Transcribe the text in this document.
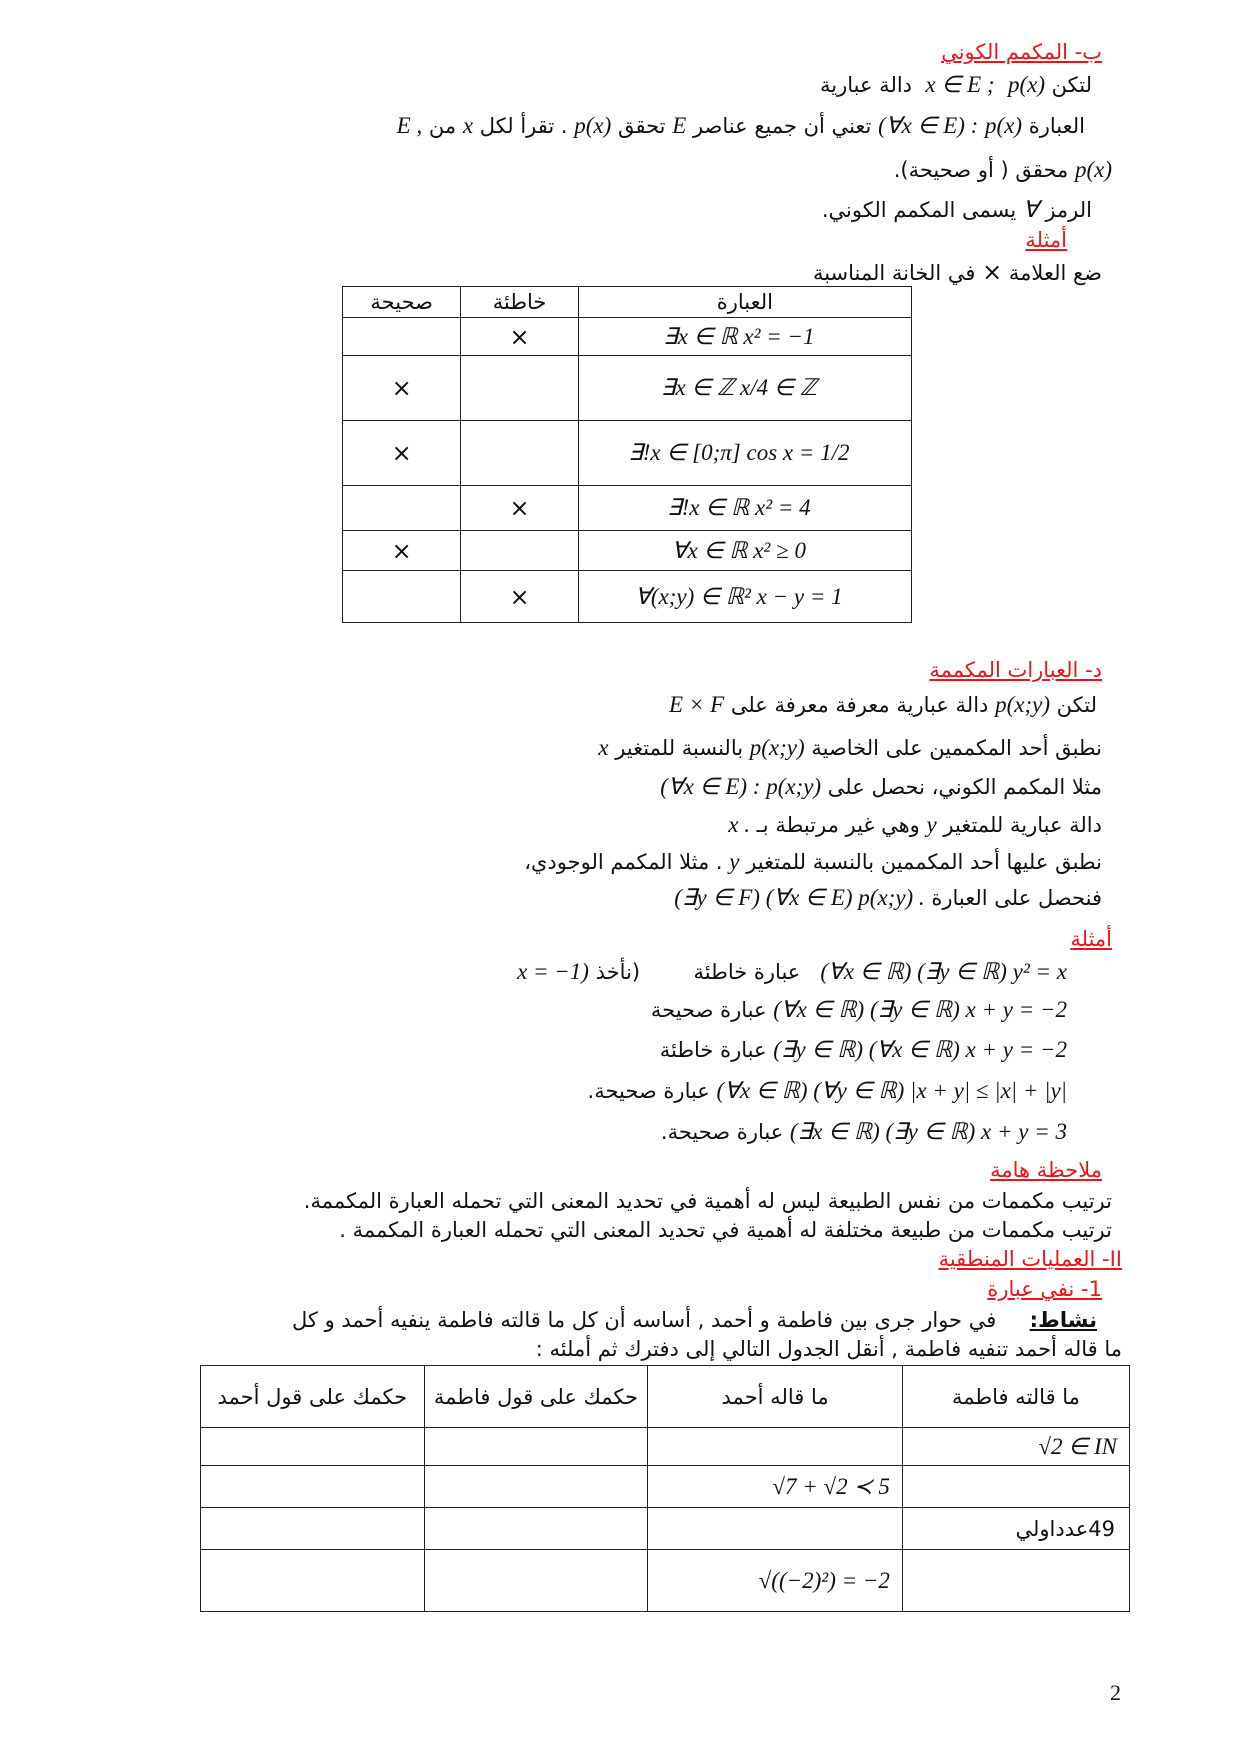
ب- المكمم الكوني
لتكن p(x)  x ∈ E ;  دالة عبارية
العبارة p(x) (∀x ∈ E) : تعني أن جميع عناصر E تحقق p(x) . تقرأ لكل x من E ,
p(x) محقق ( أو صحيحة).
الرمز ∀ يسمى المكمم الكوني.
أمثلة
ضع العلامة × في الخانة المناسبة
صحيحة	خاطئة	العبارة
	×	∃x ∈ ℝ x² = −1
×		∃x ∈ ℤ x/4 ∈ ℤ
×		∃!x ∈ [0;π] cos x = 1/2
	×	∃!x ∈ ℝ x² = 4
×		∀x ∈ ℝ x² ≥ 0
	×	∀(x;y) ∈ ℝ² x − y = 1
د- العبارات المكممة
لتكن p(x;y) دالة عبارية معرفة معرفة على E × F
نطبق أحد المكممين على الخاصية p(x;y) بالنسبة للمتغير x
مثلا المكمم الكوني، نحصل على (∀x ∈ E) : p(x;y)
دالة عبارية للمتغير y وهي غير مرتبطة بـ x .
نطبق عليها أحد المكممين بالنسبة للمتغير y . مثلا المكمم الوجودي،
فنحصل على العبارة (∃y ∈ F) (∀x ∈ E) p(x;y) .
أمثلة
(∀x ∈ ℝ) (∃y ∈ ℝ) y² = x   عبارة خاطئة        (نأخذ x = −1)
(∀x ∈ ℝ) (∃y ∈ ℝ) x + y = −2 عبارة صحيحة
(∃y ∈ ℝ) (∀x ∈ ℝ) x + y = −2 عبارة خاطئة
(∀x ∈ ℝ) (∀y ∈ ℝ) |x + y| ≤ |x| + |y| عبارة صحيحة.
(∃x ∈ ℝ) (∃y ∈ ℝ) x + y = 3 عبارة صحيحة.
ملاحظة هامة
ترتيب مكممات من نفس الطبيعة ليس له أهمية في تحديد المعنى التي تحمله العبارة المكممة.
ترتيب مكممات من طبيعة مختلفة له أهمية في تحديد المعنى التي تحمله العبارة المكممة .
II- العمليات المنطقية
1- نفي عبارة
نشاط:     في حوار جرى بين فاطمة و أحمد , أساسه أن كل ما قالته فاطمة ينفيه أحمد و كل
ما قاله أحمد تنفيه فاطمة , أنقل الجدول التالي إلى دفترك ثم أملئه :
حكمك على قول أحمد	حكمك على قول فاطمة	ما قاله أحمد	ما قالته فاطمة
			√2 ∈ IN
		√7 + √2 ≺ 5	
			49عدداولي
		√((−2)²) = −2	
2
